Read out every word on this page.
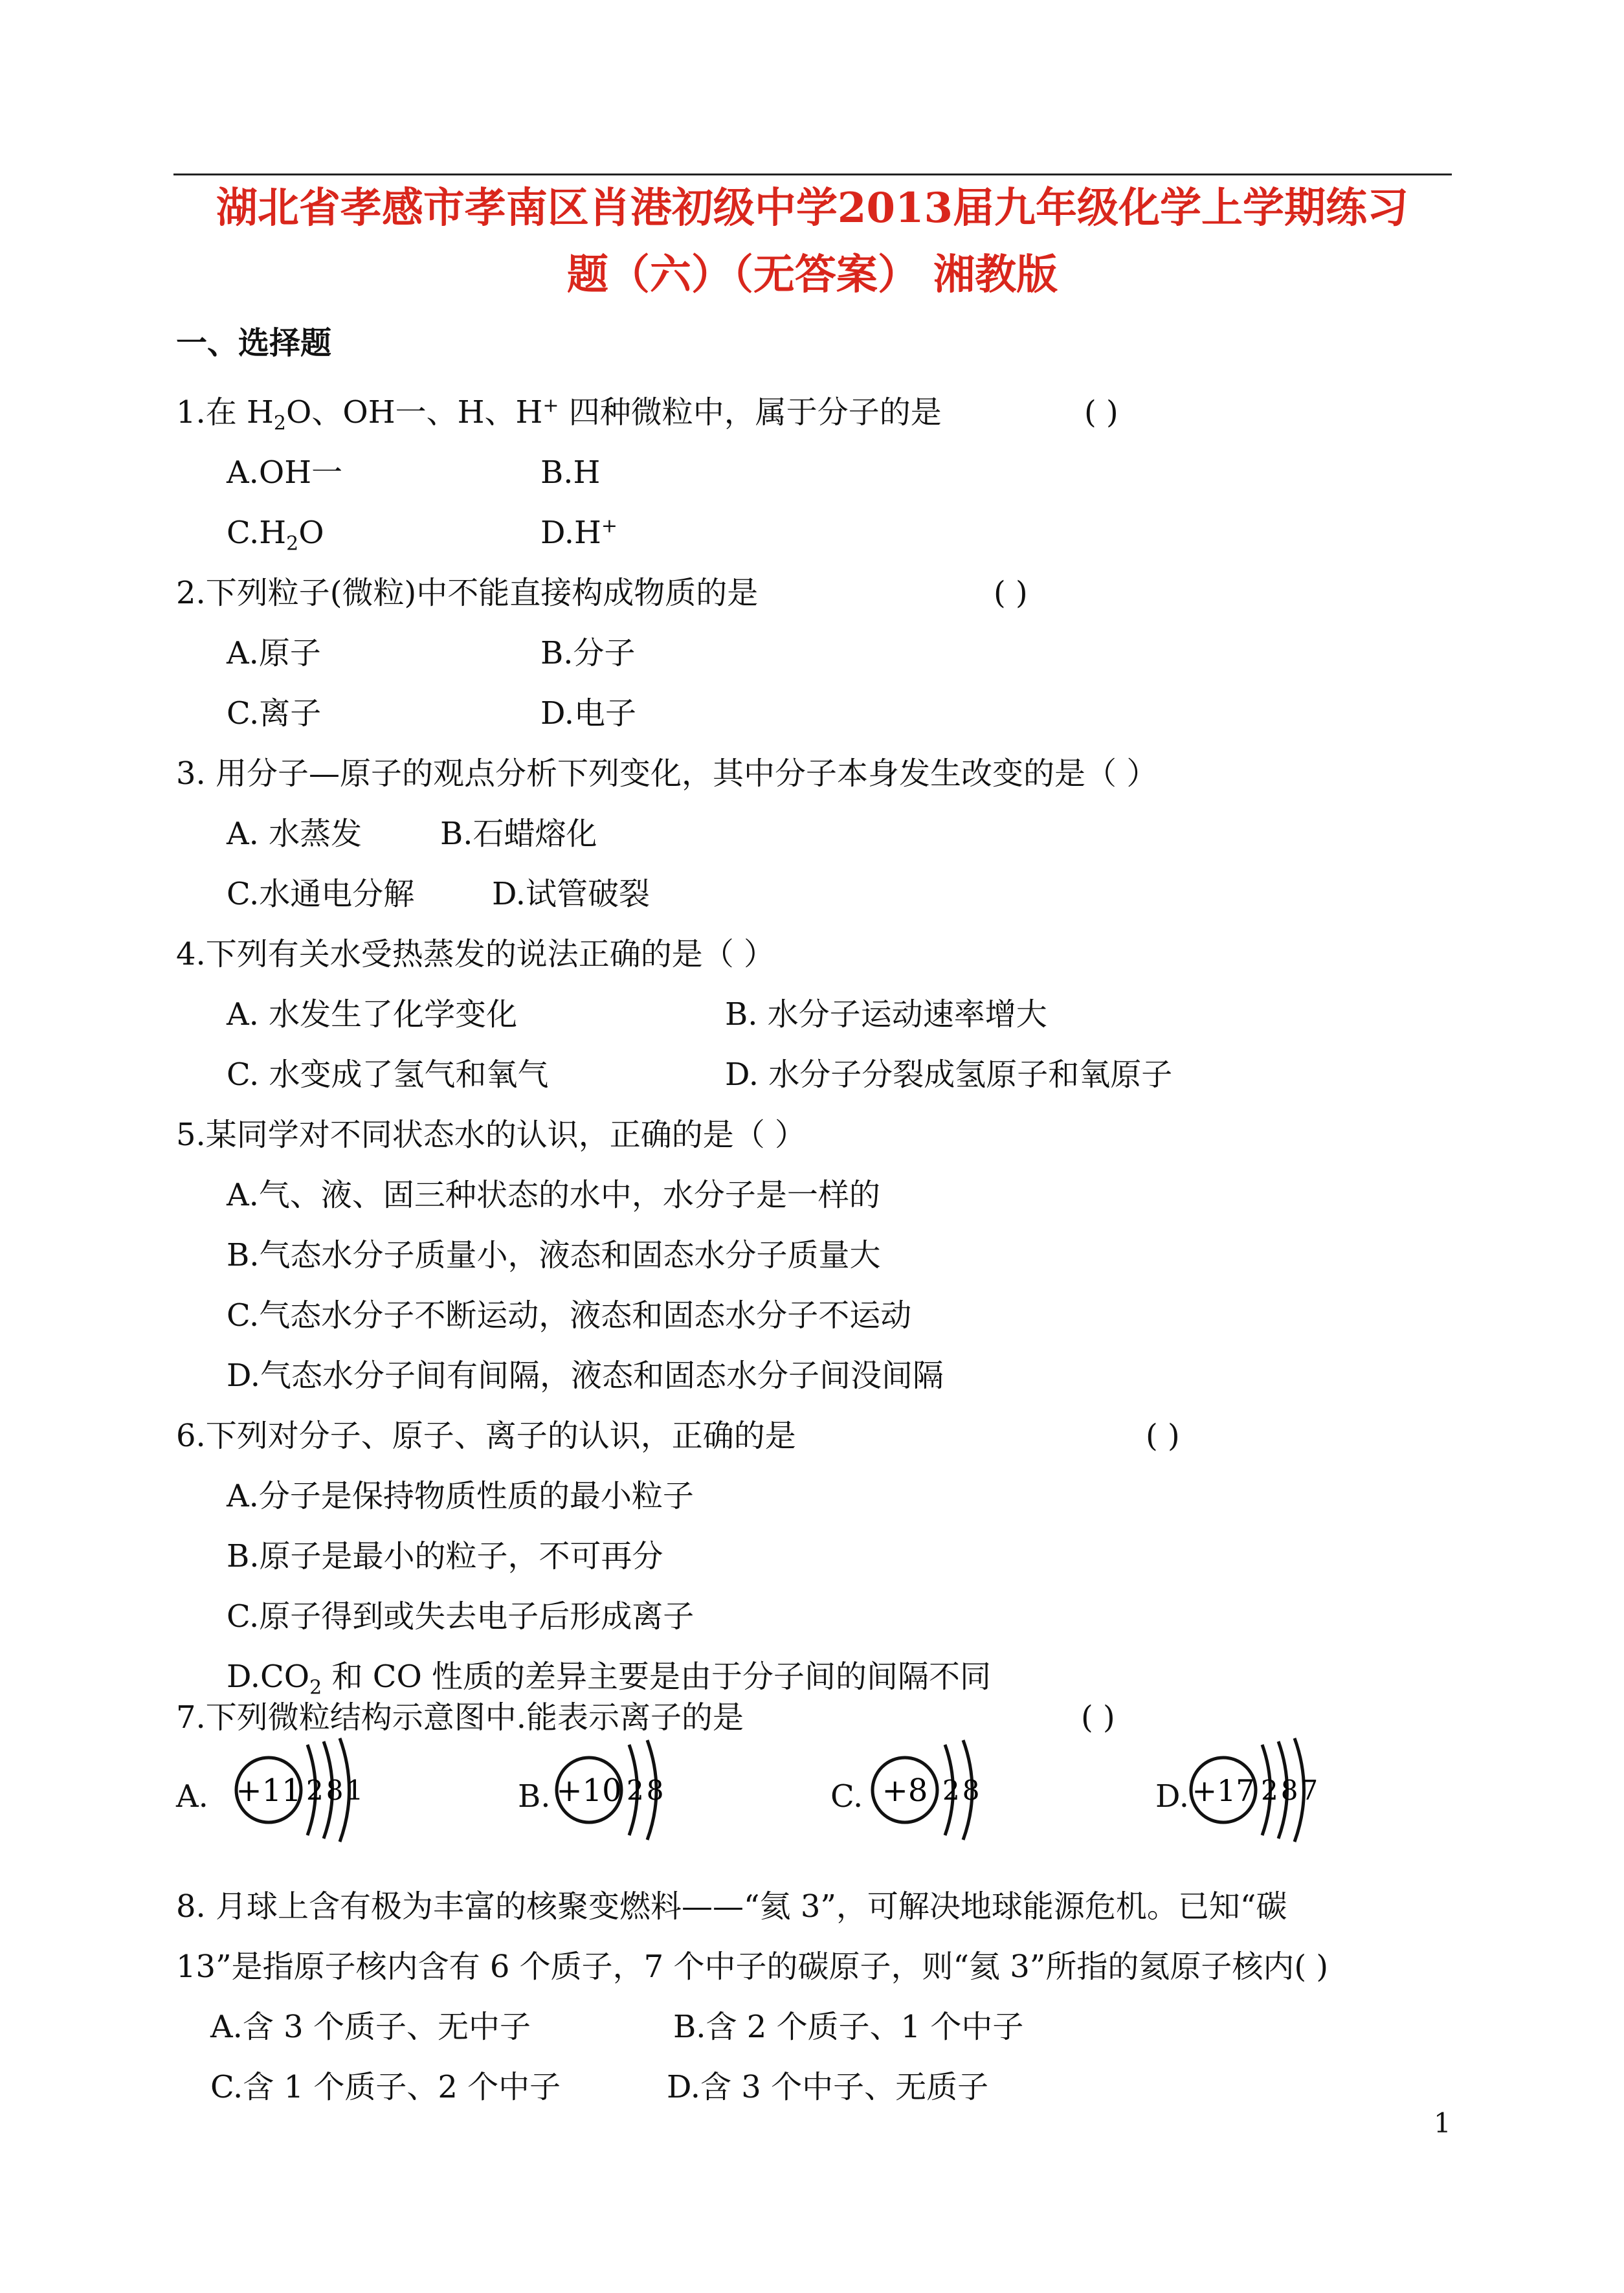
湖北省孝感市孝南区肖港初级中学2013届九年级化学上学期练习
题（六）（无答案） 湘教版
一、选择题
1.在 $H_2O$、OH一、H、H+ 四种微粒中，属于分子的是	( )
A.OH一	B.H
$C.H_2O$	D.H+
2.下列粒子(微粒)中不能直接构成物质的是	( )
A.原子	B.分子
C.离子	D.电子
3. 用分子—原子的观点分析下列变化，其中分子本身发生改变的是（ ）
A. 水蒸发	B.石蜡熔化
C.水通电分解 D.试管破裂
4.下列有关水受热蒸发的说法正确的是（ ）
A. 水发生了化学变化	B. 水分子运动速率增大
C. 水变成了氢气和氧气	D. 水分子分裂成氢原子和氧原子
5.某同学对不同状态水的认识，正确的是（ ）
A.气、液、固三种状态的水中，水分子是一样的
B.气态水分子质量小，液态和固态水分子质量大
C.气态水分子不断运动，液态和固态水分子不运动
D.气态水分子间有间隔，液态和固态水分子间没间隔
6.下列对分子、原子、离子的认识，正确的是	( )
A.分子是保持物质性质的最小粒子
B.原子是最小的粒子，不可再分
C.原子得到或失去电子后形成离子
$D.CO_2$ 和 CO 性质的差异主要是由于分子间的间隔不同
7.下列微粒结构示意图中.能表示离子的是	( )
A. +11 281	B. +10 28	C. +8 28	D. +17 287
8. 月球上含有极为丰富的核聚变燃料——“氦 3”，可解决地球能源危机。已知“碳
13”是指原子核内含有 6 个质子，7 个中子的碳原子，则“氦 3”所指的氦原子核内( )
A.含 3 个质子、无中子	B.含 2 个质子、1 个中子
C.含 1 个质子、2 个中子	D.含 3 个中子、无质子
1
